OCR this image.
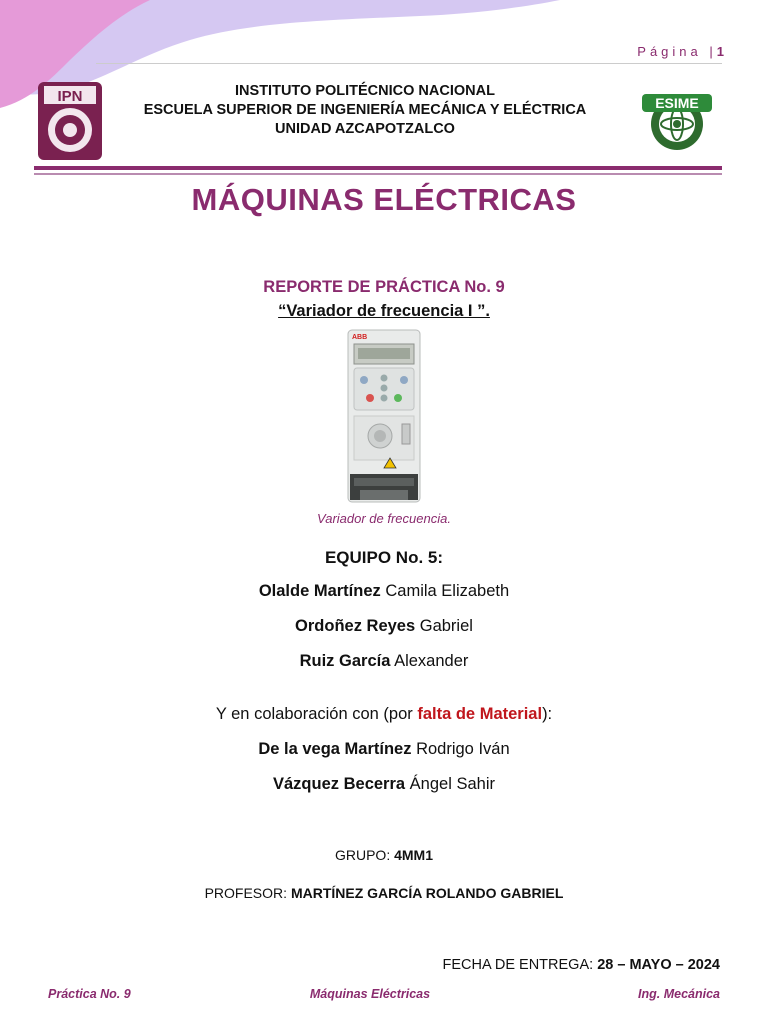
Página |1
IPN	INSTITUTO POLITÉCNICO NACIONAL
ESCUELA SUPERIOR DE INGENIERÍA MECÁNICA Y ELÉCTRICA
UNIDAD AZCAPOTZALCO
ESIME
MÁQUINAS ELÉCTRICAS
REPORTE DE PRÁCTICA No. 9
“Variador de frecuencia I ”.
ABB
Variador de frecuencia.
EQUIPO No. 5:
Olalde Martínez Camila Elizabeth
Ordoñez Reyes Gabriel
Ruiz García Alexander
Y en colaboración con (por falta de Material):
De la vega Martínez Rodrigo Iván
Vázquez Becerra Ángel Sahir
GRUPO: 4MM1
PROFESOR: MARTÍNEZ GARCÍA ROLANDO GABRIEL
FECHA DE ENTREGA: 28 – MAYO – 2024
Práctica No. 9	Máquinas Eléctricas	Ing. Mecánica
